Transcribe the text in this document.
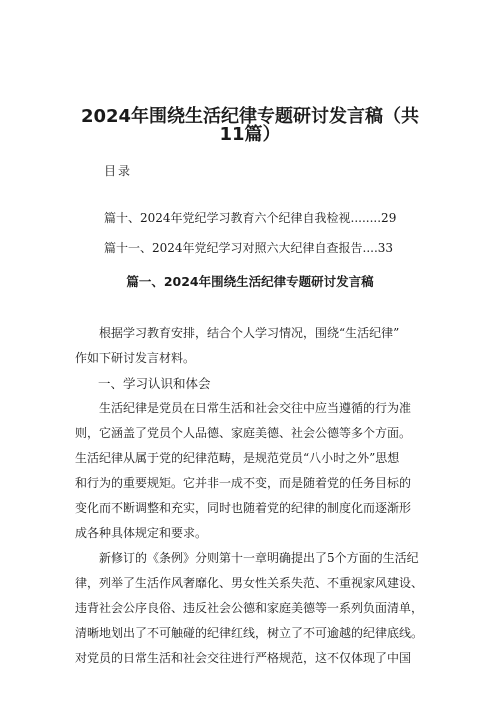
2024年围绕生活纪律专题研讨发言稿（共
11篇）
目录
篇十、2024年党纪学习教育六个纪律自我检视........29
篇十一、2024年党纪学习对照六大纪律自查报告....33
篇一、2024年围绕生活纪律专题研讨发言稿
根据学习教育安排，结合个人学习情况，围绕“生活纪律”
作如下研讨发言材料。
一、学习认识和体会
生活纪律是党员在日常生活和社会交往中应当遵循的行为准
则，它涵盖了党员个人品德、家庭美德、社会公德等多个方面。
生活纪律从属于党的纪律范畴，是规范党员“八小时之外”思想
和行为的重要规矩。它并非一成不变，而是随着党的任务目标的
变化而不断调整和充实，同时也随着党的纪律的制度化而逐渐形
成各种具体规定和要求。
新修订的《条例》分则第十一章明确提出了5个方面的生活纪
律，列举了生活作风奢靡化、男女性关系失范、不重视家风建设、
违背社会公序良俗、违反社会公德和家庭美德等一系列负面清单，
清晰地划出了不可触碰的纪律红线，树立了不可逾越的纪律底线。
对党员的日常生活和社会交往进行严格规范，这不仅体现了中国
